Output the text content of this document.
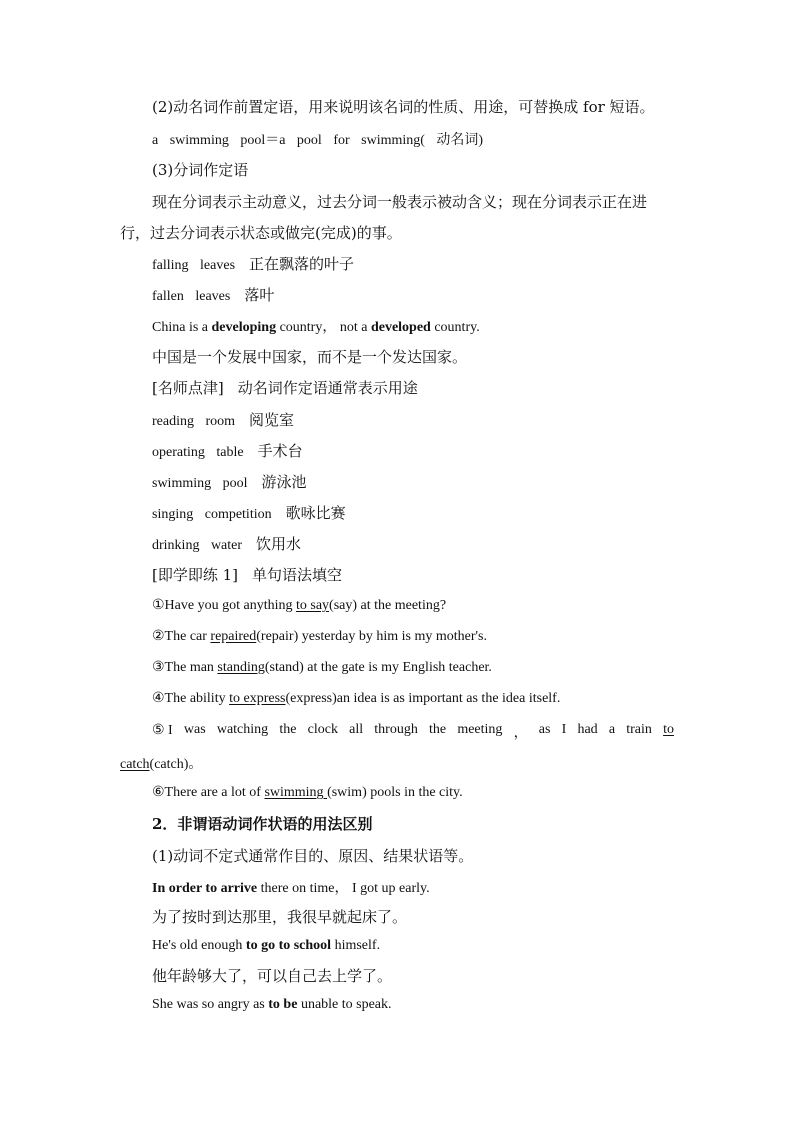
(2)动名词作前置定语，用来说明该名词的性质、用途，可替换成 for 短语。
a swimming pool＝a pool for swimming( 动名词)
(3)分词作定语
现在分词表示主动意义，过去分词一般表示被动含义；现在分词表示正在进
行，过去分词表示状态或做完(完成)的事。
falling leaves 正在飘落的叶子
fallen leaves 落叶
China is a developing country， not a developed country.
中国是一个发展中国家，而不是一个发达国家。
[名师点津] 动名词作定语通常表示用途
reading room 阅览室
operating table 手术台
swimming pool 游泳池
singing competition 歌咏比赛
drinking water 饮用水
[即学即练 1] 单句语法填空
①Have you got anything to say(say) at the meeting?
②The car repaired(repair) yesterday by him is my mother's.
③The man standing(stand) at the gate is my English teacher.
④The ability to express(express)an idea is as important as the idea itself.
⑤ I was watching the clock all through the meeting ， as I had a train to
catch(catch)。
⑥There are a lot of swimming (swim) pools in the city.
2．非谓语动词作状语的用法区别
(1)动词不定式通常作目的、原因、结果状语等。
In order to arrive there on time， I got up early.
为了按时到达那里，我很早就起床了。
He's old enough to go to school himself.
他年龄够大了，可以自己去上学了。
She was so angry as to be unable to speak.
